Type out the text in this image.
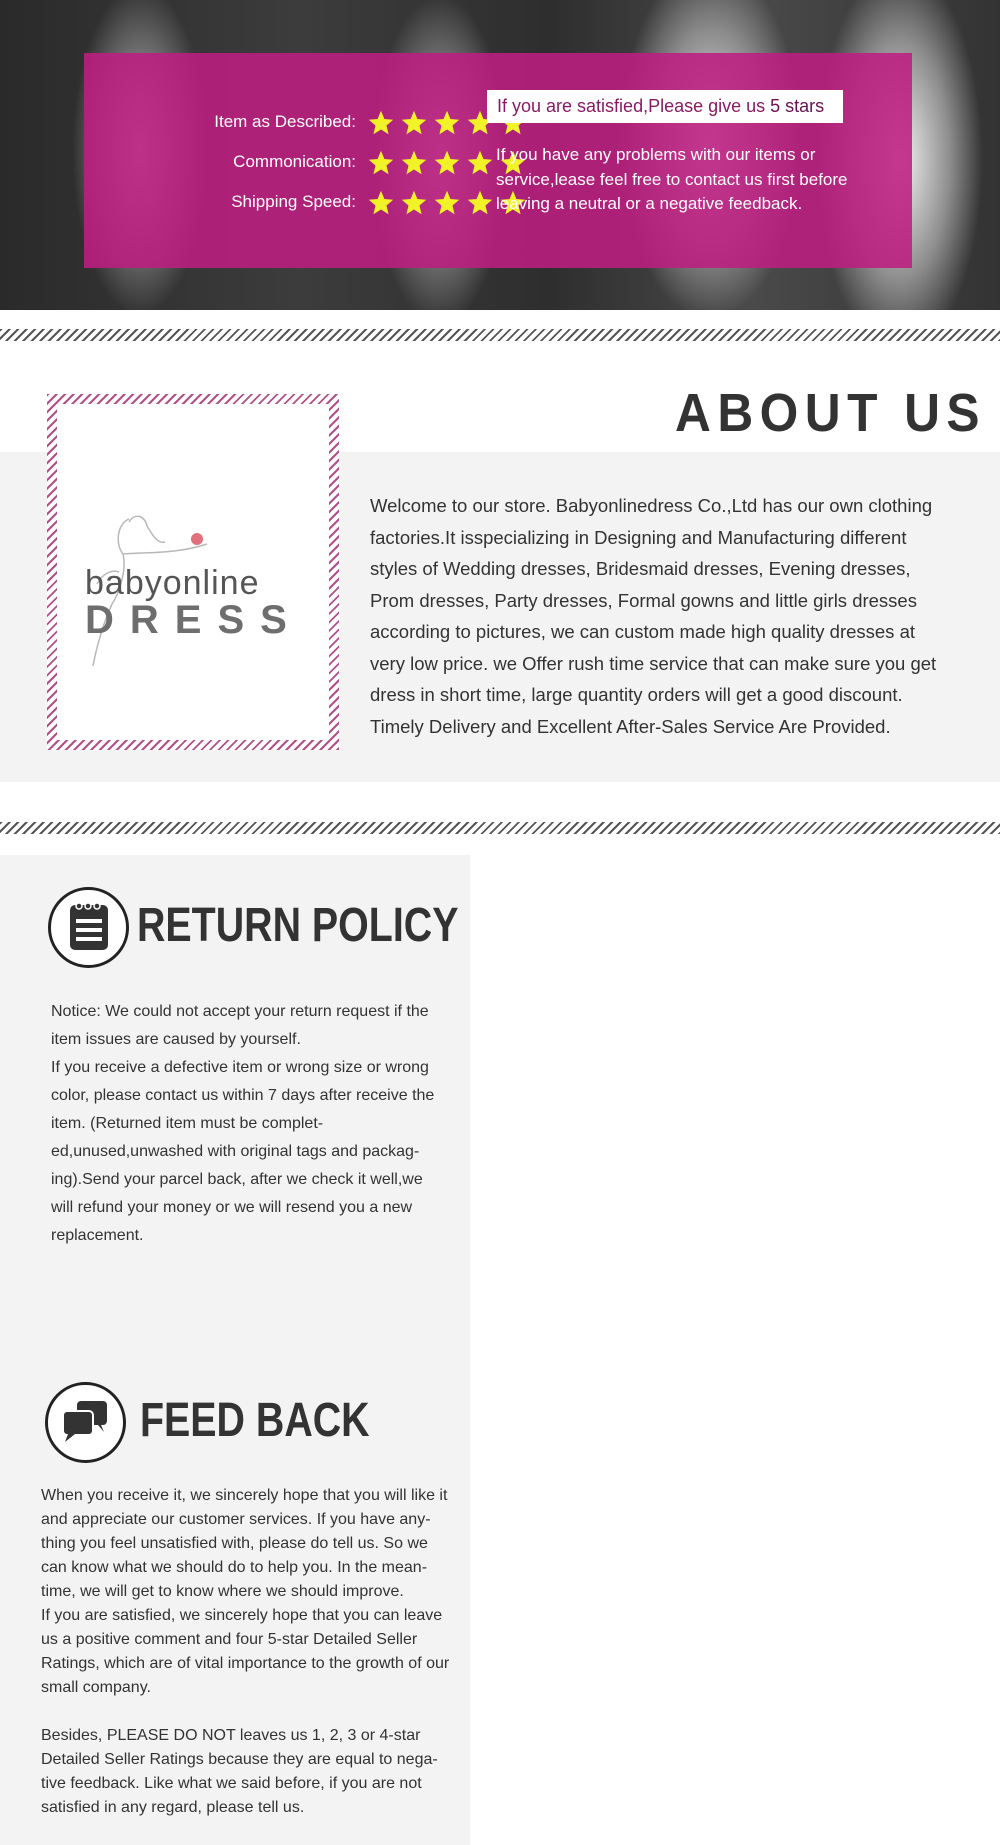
Item as Described:
Commonication:
Shipping Speed:
If you are satisfied,Please give us 5 stars
If you have any problems with our items or service,lease feel free to contact us first before leaving a neutral or a negative feedback.
ABOUT US
babyonline
DRESS
Welcome to our store. Babyonlinedress Co.,Ltd has our own clothing factories.It isspecializing in Designing and Manufacturing different styles of Wedding dresses, Bridesmaid dresses, Evening dresses, Prom dresses, Party dresses, Formal gowns and little girls dresses according to pictures, we can custom made high quality dresses at very low price. we Offer rush time service that can make sure you get dress in short time, large quantity orders will get a good discount. Timely Delivery and Excellent After-Sales Service Are Provided.
RETURN POLICY

Notice: We could not accept your return request if the item issues are caused by yourself.

If you receive a defective item or wrong size or wrong color, please contact us within 7 days after receive the item. (Returned item must be complet-ed,unused,unwashed with original tags and packag-ing).Send your parcel back, after we check it well,we will refund your money or we will resend you a new replacement.

FEED BACK

When you receive it, we sincerely hope that you will like it and appreciate our customer services. If you have any-thing you feel unsatisfied with, please do tell us. So we can know what we should do to help you. In the mean-time, we will get to know where we should improve.

If you are satisfied, we sincerely hope that you can leave us a positive comment and four 5-star Detailed Seller Ratings, which are of vital importance to the growth of our small company.

Besides, PLEASE DO NOT leaves us 1, 2, 3 or 4-star Detailed Seller Ratings because they are equal to nega-tive feedback. Like what we said before, if you are not satisfied in any regard, please tell us.
